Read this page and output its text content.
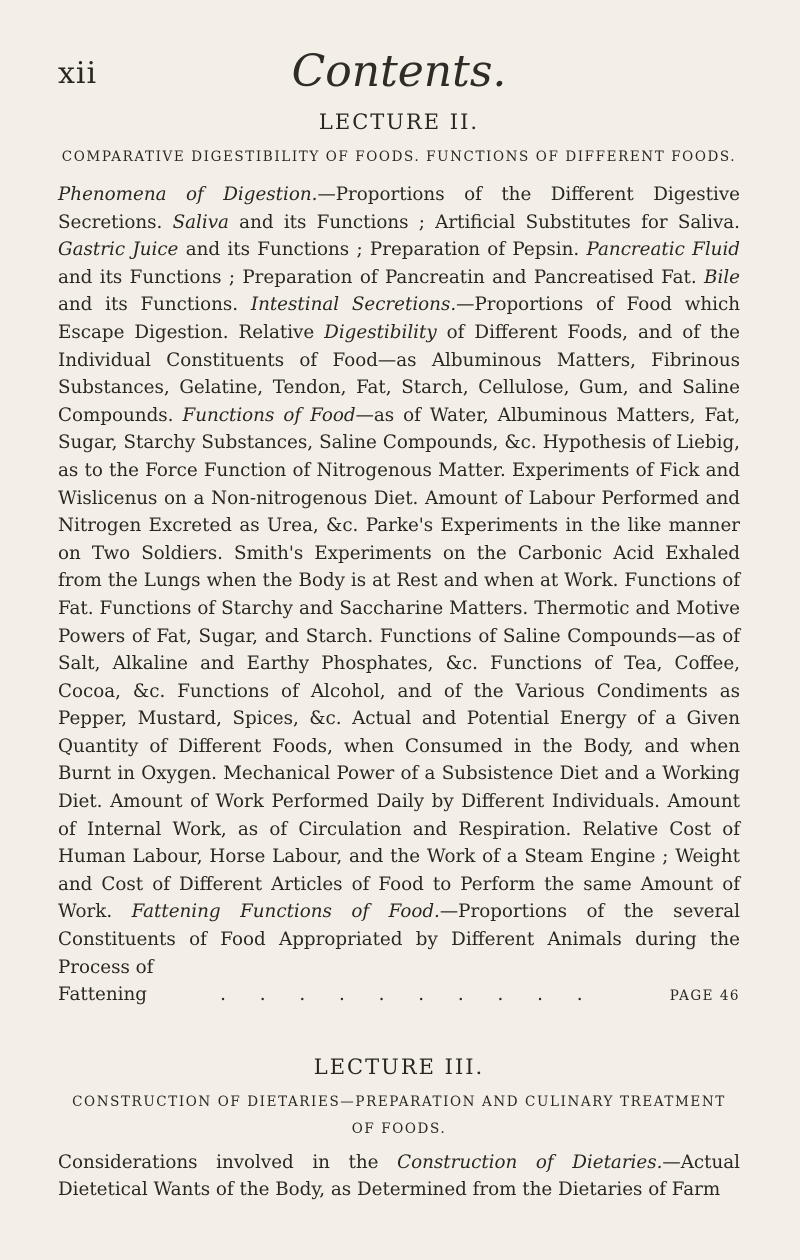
xii	Contents.
LECTURE II.
COMPARATIVE DIGESTIBILITY OF FOODS. FUNCTIONS OF DIFFERENT FOODS.

Phenomena of Digestion.—Proportions of the Different Digestive Secretions. Saliva and its Functions ; Artificial Substitutes for Saliva. Gastric Juice and its Functions ; Preparation of Pepsin. Pancreatic Fluid and its Functions ; Preparation of Pancreatin and Pancreatised Fat. Bile and its Functions. Intestinal Secretions.—Proportions of Food which Escape Digestion. Relative Digestibility of Different Foods, and of the Individual Constituents of Food—as Albuminous Matters, Fibrinous Substances, Gelatine, Tendon, Fat, Starch, Cellulose, Gum, and Saline Compounds. Functions of Food—as of Water, Albuminous Matters, Fat, Sugar, Starchy Substances, Saline Compounds, &c. Hypothesis of Liebig, as to the Force Function of Nitrogenous Matter. Experiments of Fick and Wislicenus on a Non-nitrogenous Diet. Amount of Labour Performed and Nitrogen Excreted as Urea, &c. Parke's Experiments in the like manner on Two Soldiers. Smith's Experiments on the Carbonic Acid Exhaled from the Lungs when the Body is at Rest and when at Work. Functions of Fat. Functions of Starchy and Saccharine Matters. Thermotic and Motive Powers of Fat, Sugar, and Starch. Functions of Saline Compounds—as of Salt, Alkaline and Earthy Phosphates, &c. Functions of Tea, Coffee, Cocoa, &c. Functions of Alcohol, and of the Various Condiments as Pepper, Mustard, Spices, &c. Actual and Potential Energy of a Given Quantity of Different Foods, when Consumed in the Body, and when Burnt in Oxygen. Mechanical Power of a Subsistence Diet and a Working Diet. Amount of Work Performed Daily by Different Individuals. Amount of Internal Work, as of Circulation and Respiration. Relative Cost of Human Labour, Horse Labour, and the Work of a Steam Engine ; Weight and Cost of Different Articles of Food to Perform the same Amount of Work. Fattening Functions of Food.—Proportions of the several Constituents of Food Appropriated by Different Animals during the Process of

Fattening	. . . . . . . . . .	PAGE 46
LECTURE III.
CONSTRUCTION OF DIETARIES—PREPARATION AND CULINARY TREATMENT OF FOODS.

Considerations involved in the Construction of Dietaries.—Actual Dietetical Wants of the Body, as Determined from the Dietaries of Farm
